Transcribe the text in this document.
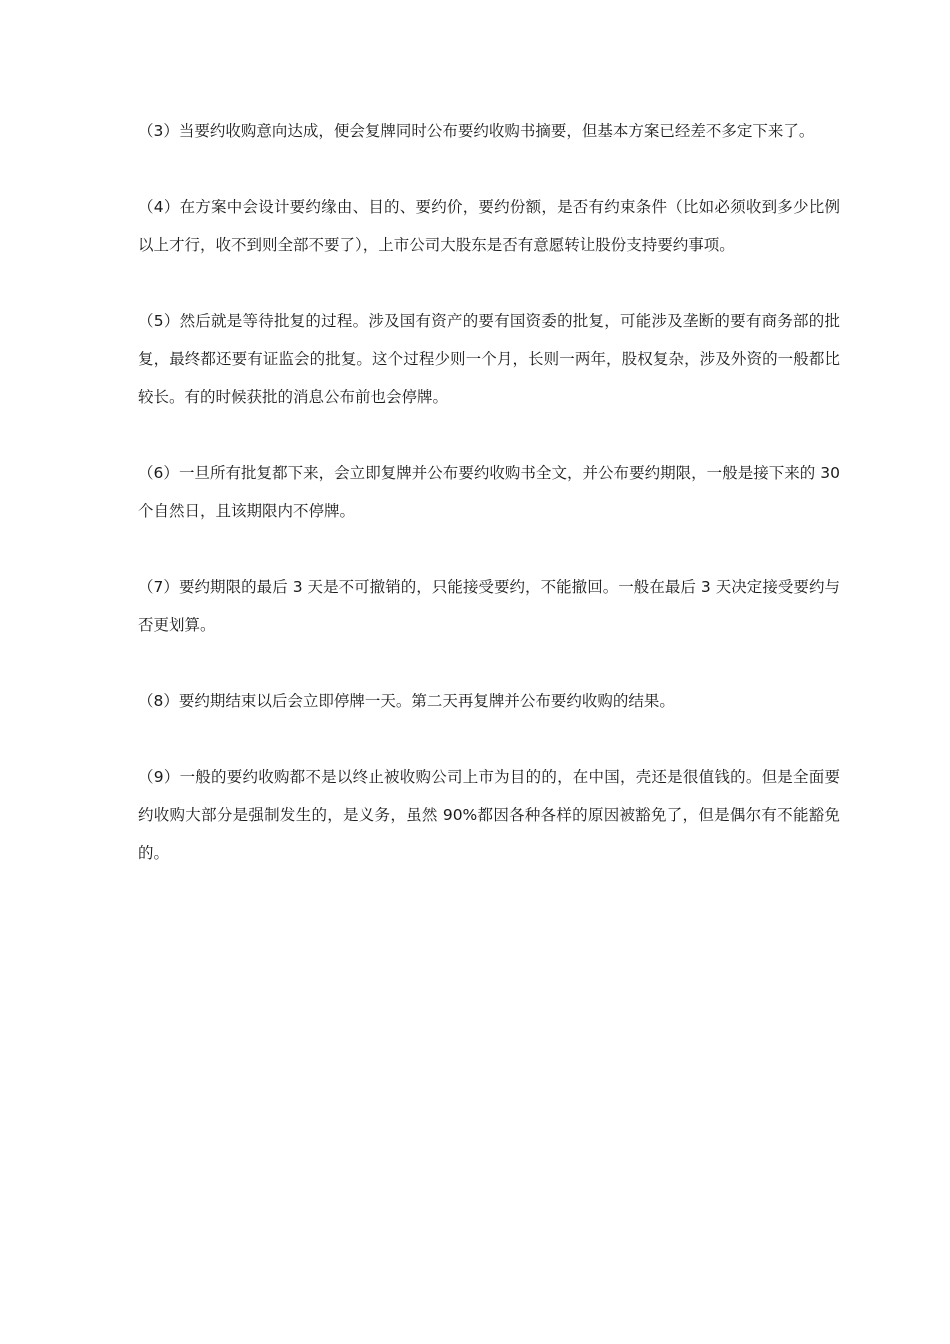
（3）当要约收购意向达成，便会复牌同时公布要约收购书摘要，但基本方案已经差不多定下来了。

（4）在方案中会设计要约缘由、目的、要约价，要约份额，是否有约束条件（比如必须收到多少比例以上才行，收不到则全部不要了），上市公司大股东是否有意愿转让股份支持要约事项。

（5）然后就是等待批复的过程。涉及国有资产的要有国资委的批复，可能涉及垄断的要有商务部的批复，最终都还要有证监会的批复。这个过程少则一个月，长则一两年，股权复杂，涉及外资的一般都比较长。有的时候获批的消息公布前也会停牌。

（6）一旦所有批复都下来，会立即复牌并公布要约收购书全文，并公布要约期限，一般是接下来的 30 个自然日，且该期限内不停牌。

（7）要约期限的最后 3 天是不可撤销的，只能接受要约，不能撤回。一般在最后 3 天决定接受要约与否更划算。

（8）要约期结束以后会立即停牌一天。第二天再复牌并公布要约收购的结果。

（9）一般的要约收购都不是以终止被收购公司上市为目的的，在中国，壳还是很值钱的。但是全面要约收购大部分是强制发生的，是义务，虽然 90%都因各种各样的原因被豁免了，但是偶尔有不能豁免的。
